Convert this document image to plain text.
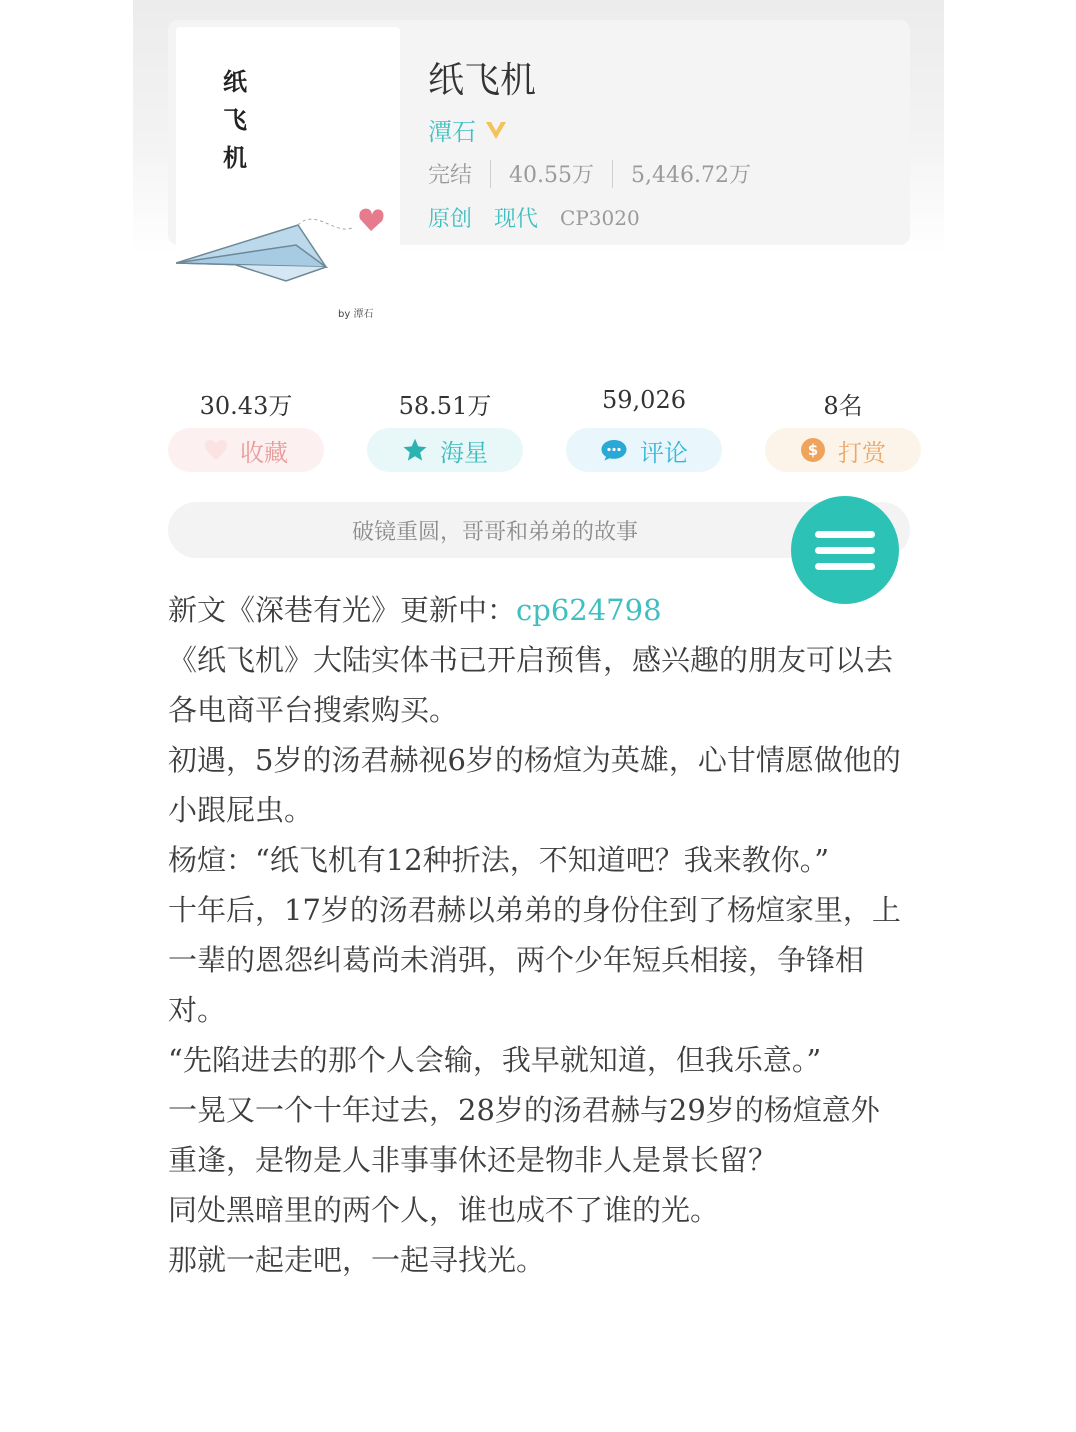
纸
飞
机
by 潭石
纸飞机
潭石
完结 40.55万 5,446.72万
原创 现代 CP3020
30.43万
收藏
58.51万
海星
59,026
评论
8名
$ 打赏
破镜重圆，哥哥和弟弟的故事

新文《深巷有光》更新中：cp624798

《纸飞机》大陆实体书已开启预售，感兴趣的朋友可以去各电商平台搜索购买。

初遇，5岁的汤君赫视6岁的杨煊为英雄，心甘情愿做他的小跟屁虫。

杨煊：“纸飞机有12种折法，不知道吧？我来教你。”

十年后，17岁的汤君赫以弟弟的身份住到了杨煊家里，上一辈的恩怨纠葛尚未消弭，两个少年短兵相接，争锋相对。

“先陷进去的那个人会输，我早就知道，但我乐意。”

一晃又一个十年过去，28岁的汤君赫与29岁的杨煊意外重逢，是物是人非事事休还是物非人是景长留？

同处黑暗里的两个人，谁也成不了谁的光。

那就一起走吧，一起寻找光。
